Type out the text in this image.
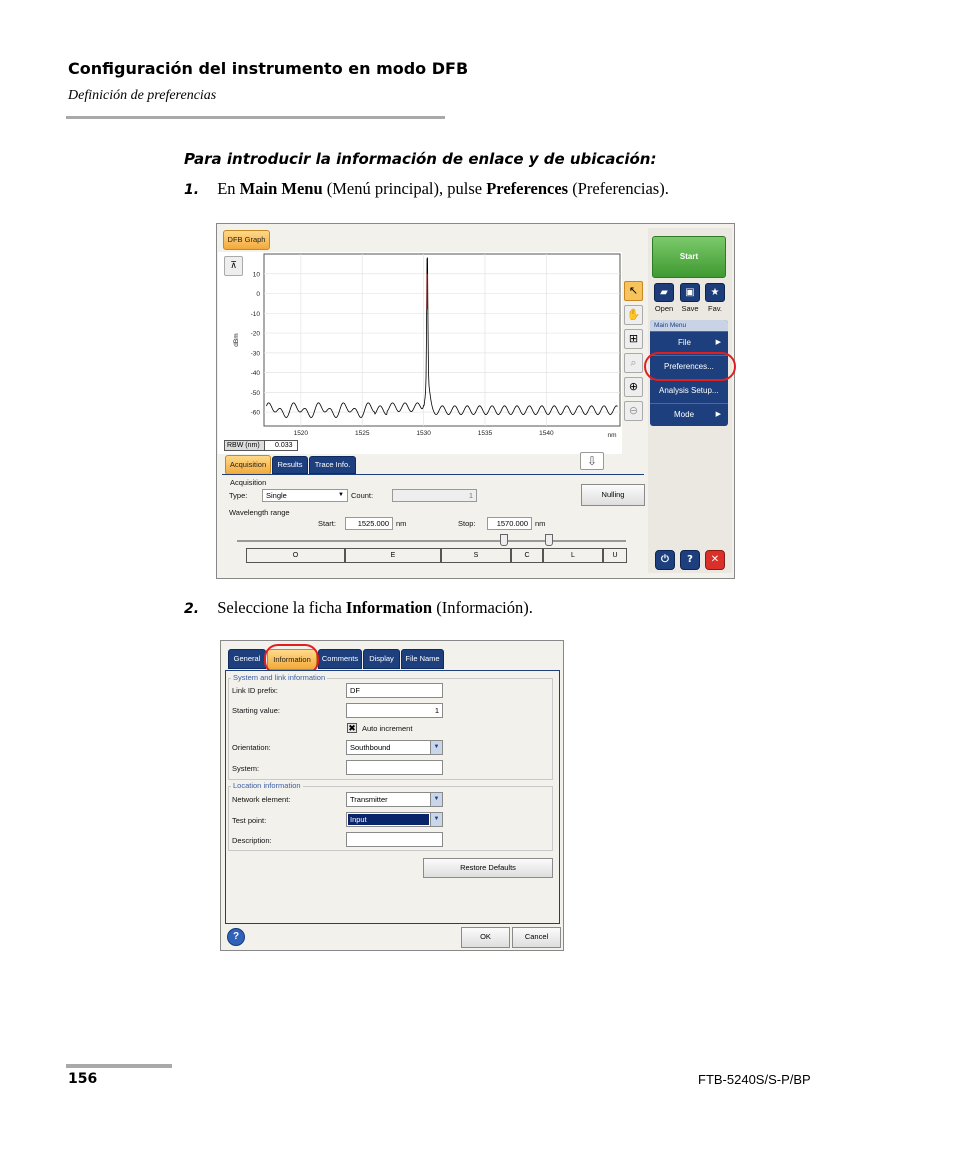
Configuración del instrumento en modo DFB
Definición de preferencias
Para introducir la información de enlace y de ubicación:
1. En Main Menu (Menú principal), pulse Preferences (Preferencias).
DFB Graph
⊼
10
0
-10
-20
-30
-40
-50
-60
1520	1525	1530	1535	1540	nm
dBm
RBW (nm)	0.033
↖
✋
⊞
⌕
⊕
⊖
Acquisition	Results	Trace Info.	⇩
Acquisition
Type:	Single	▼ Count:	1	Nulling
Wavelength range
Start:	1525.000 nm	Stop:	1570.000 nm
O	E	S	C	L	U
Start
▰	▣	★
Open	Save	Fav.
Main Menu
File	▶
Preferences...
Analysis Setup...
Mode	▶
⏻	?	✕
2. Seleccione la ficha Information (Información).
General	Information	Comments	Display	File Name
System and link information
Link ID prefix:	DF
Starting value:	1
✖ Auto increment
Orientation:	Southbound	▼
System:
Location information
Network element:	Transmitter	▼
Test point:	Input	▼
Description:
Restore Defaults
?	OK	Cancel
156	FTB-5240S/S-P/BP
